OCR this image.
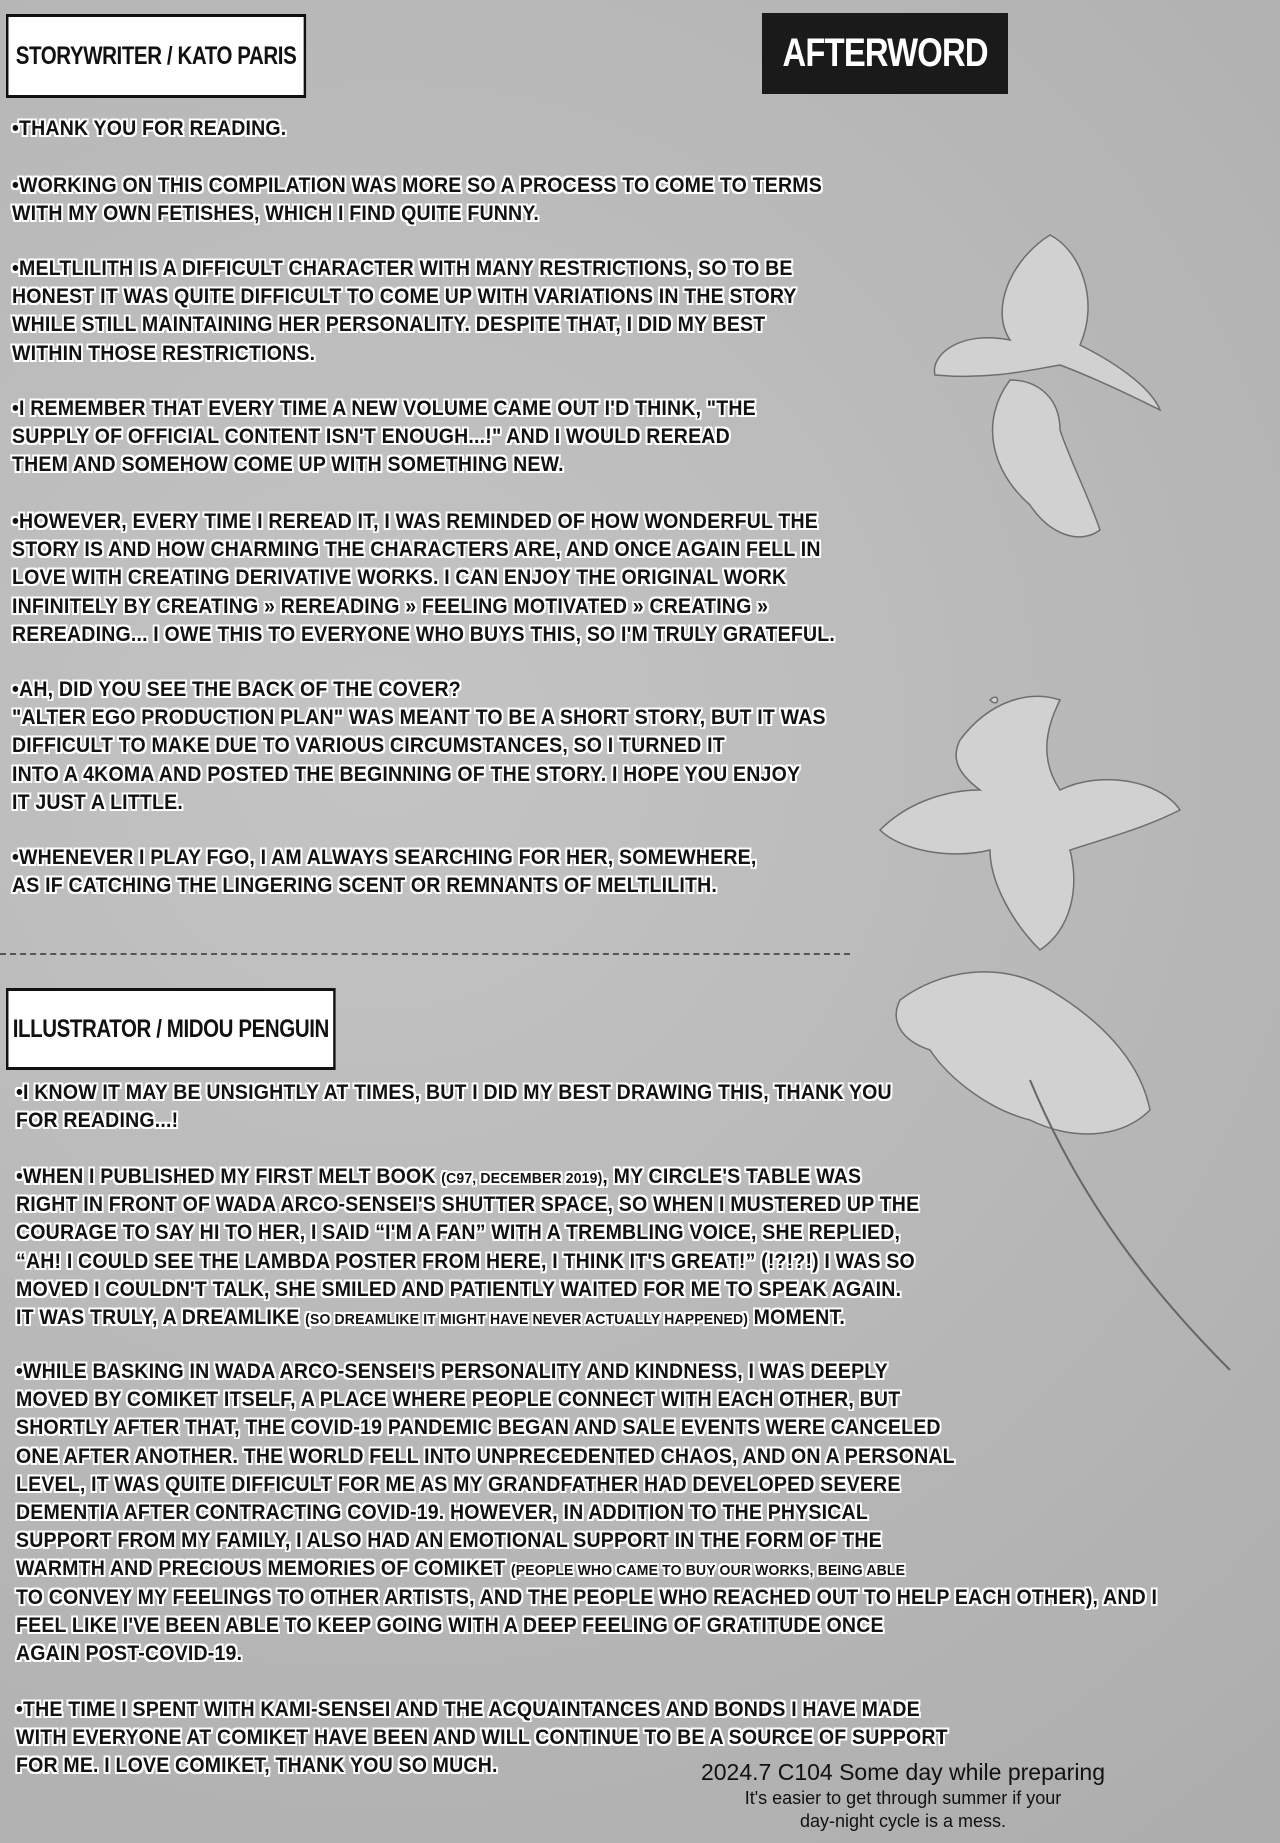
STORYWRITER / KATO PARIS	AFTERWORD
•THANK YOU FOR READING.
•WORKING ON THIS COMPILATION WAS MORE SO A PROCESS TO COME TO TERMS
WITH MY OWN FETISHES, WHICH I FIND QUITE FUNNY.
•MELTLILITH IS A DIFFICULT CHARACTER WITH MANY RESTRICTIONS, SO TO BE
HONEST IT WAS QUITE DIFFICULT TO COME UP WITH VARIATIONS IN THE STORY
WHILE STILL MAINTAINING HER PERSONALITY. DESPITE THAT, I DID MY BEST
WITHIN THOSE RESTRICTIONS.
•I REMEMBER THAT EVERY TIME A NEW VOLUME CAME OUT I'D THINK, "THE
SUPPLY OF OFFICIAL CONTENT ISN'T ENOUGH...!" AND I WOULD REREAD
THEM AND SOMEHOW COME UP WITH SOMETHING NEW.
•HOWEVER, EVERY TIME I REREAD IT, I WAS REMINDED OF HOW WONDERFUL THE
STORY IS AND HOW CHARMING THE CHARACTERS ARE, AND ONCE AGAIN FELL IN
LOVE WITH CREATING DERIVATIVE WORKS. I CAN ENJOY THE ORIGINAL WORK
INFINITELY BY CREATING » REREADING » FEELING MOTIVATED » CREATING »
REREADING... I OWE THIS TO EVERYONE WHO BUYS THIS, SO I'M TRULY GRATEFUL.
•AH, DID YOU SEE THE BACK OF THE COVER?
"ALTER EGO PRODUCTION PLAN" WAS MEANT TO BE A SHORT STORY, BUT IT WAS
DIFFICULT TO MAKE DUE TO VARIOUS CIRCUMSTANCES, SO I TURNED IT
INTO A 4KOMA AND POSTED THE BEGINNING OF THE STORY. I HOPE YOU ENJOY
IT JUST A LITTLE.
•WHENEVER I PLAY FGO, I AM ALWAYS SEARCHING FOR HER, SOMEWHERE,
AS IF CATCHING THE LINGERING SCENT OR REMNANTS OF MELTLILITH.
ILLUSTRATOR / MIDOU PENGUIN
•I KNOW IT MAY BE UNSIGHTLY AT TIMES, BUT I DID MY BEST DRAWING THIS, THANK YOU
FOR READING...!
•WHEN I PUBLISHED MY FIRST MELT BOOK (C97, DECEMBER 2019), MY CIRCLE'S TABLE WAS
RIGHT IN FRONT OF WADA ARCO-SENSEI'S SHUTTER SPACE, SO WHEN I MUSTERED UP THE
COURAGE TO SAY HI TO HER, I SAID “I'M A FAN” WITH A TREMBLING VOICE, SHE REPLIED,
“AH! I COULD SEE THE LAMBDA POSTER FROM HERE, I THINK IT'S GREAT!” (!?!?!) I WAS SO
MOVED I COULDN'T TALK, SHE SMILED AND PATIENTLY WAITED FOR ME TO SPEAK AGAIN.
IT WAS TRULY, A DREAMLIKE (SO DREAMLIKE IT MIGHT HAVE NEVER ACTUALLY HAPPENED) MOMENT.
•WHILE BASKING IN WADA ARCO-SENSEI'S PERSONALITY AND KINDNESS, I WAS DEEPLY
MOVED BY COMIKET ITSELF, A PLACE WHERE PEOPLE CONNECT WITH EACH OTHER, BUT
SHORTLY AFTER THAT, THE COVID-19 PANDEMIC BEGAN AND SALE EVENTS WERE CANCELED
ONE AFTER ANOTHER. THE WORLD FELL INTO UNPRECEDENTED CHAOS, AND ON A PERSONAL
LEVEL, IT WAS QUITE DIFFICULT FOR ME AS MY GRANDFATHER HAD DEVELOPED SEVERE
DEMENTIA AFTER CONTRACTING COVID-19. HOWEVER, IN ADDITION TO THE PHYSICAL
SUPPORT FROM MY FAMILY, I ALSO HAD AN EMOTIONAL SUPPORT IN THE FORM OF THE
WARMTH AND PRECIOUS MEMORIES OF COMIKET (PEOPLE WHO CAME TO BUY OUR WORKS, BEING ABLE
TO CONVEY MY FEELINGS TO OTHER ARTISTS, AND THE PEOPLE WHO REACHED OUT TO HELP EACH OTHER), AND I
FEEL LIKE I'VE BEEN ABLE TO KEEP GOING WITH A DEEP FEELING OF GRATITUDE ONCE
AGAIN POST-COVID-19.
•THE TIME I SPENT WITH KAMI-SENSEI AND THE ACQUAINTANCES AND BONDS I HAVE MADE
WITH EVERYONE AT COMIKET HAVE BEEN AND WILL CONTINUE TO BE A SOURCE OF SUPPORT
FOR ME. I LOVE COMIKET, THANK YOU SO MUCH.	2024.7 C104 Some day while preparing
It's easier to get through summer if your
day-night cycle is a mess.
